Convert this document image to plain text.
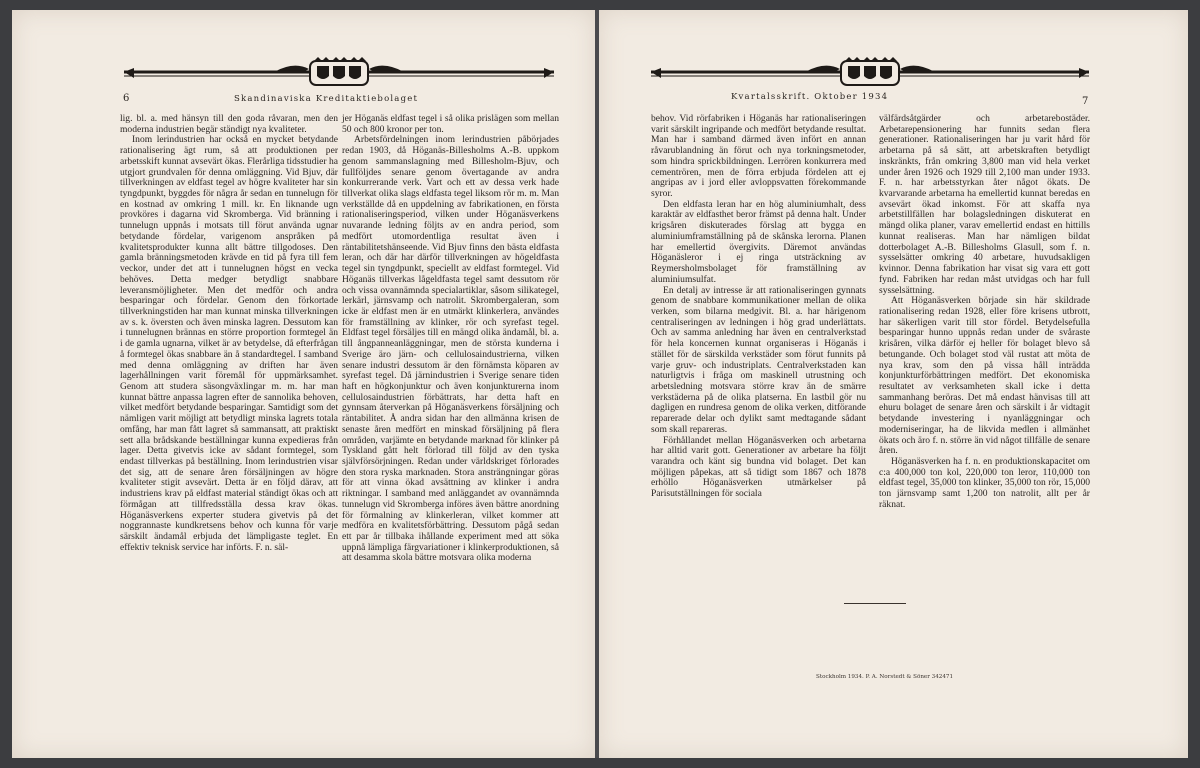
6	Skandinaviska Kreditaktiebolaget

lig. bl. a. med hänsyn till den goda råvaran, men den moderna industrien begär ständigt nya kvaliteter.

Inom lerindustrien har också en mycket betydande rationalisering ägt rum, så att produktionen per arbetsskift kunnat avsevärt ökas. Flerårliga tidsstudier ha utgjort grundvalen för denna omläggning. Vid Bjuv, där tillverkningen av eldfast tegel av högre kvaliteter har sin tyngdpunkt, byggdes för några år sedan en tunnelugn för en kostnad av omkring 1 mill. kr. En liknande ugn provköres i dagarna vid Skromberga. Vid bränning i tunnelugn uppnås i motsats till förut använda ugnar betydande fördelar, varigenom anspråken på kvalitetsprodukter kunna allt bättre tillgodoses. Den gamla bränningsmetoden krävde en tid på fyra till fem veckor, under det att i tunnelugnen högst en vecka behöves. Detta medger betydligt snabbare leveransmöjligheter. Men det medför och andra besparingar och fördelar. Genom den förkortade tillverkningstiden har man kunnat minska tillverkningen av s. k. översten och även minska lagren. Dessutom kan i tunnelugnen brännas en större proportion formtegel än i de gamla ugnarna, vilket är av betydelse, då efterfrågan å formtegel ökas snabbare än å standardtegel. I samband med denna omläggning av driften har även lagerhållningen varit föremål för uppmärksamhet. Genom att studera säsongväxlingar m. m. har man kunnat bättre anpassa lagren efter de sannolika behoven, vilket medfört betydande besparingar. Samtidigt som det nämligen varit möjligt att betydligt minska lagrets totala omfång, har man fått lagret så sammansatt, att praktiskt sett alla brådskande beställningar kunna expedieras från lager. Detta givetvis icke av sådant formtegel, som endast tillverkas på beställning. Inom lerindustrien visar det sig, att de senare åren försäljningen av högre kvaliteter stigit avsevärt. Detta är en följd därav, att industriens krav på eldfast material ständigt ökas och att förmågan att tillfredsställa dessa krav ökas. Höganäsverkens experter studera givetvis på det noggrannaste kundkretsens behov och kunna för varje särskilt ändamål erbjuda det lämpligaste teglet. En effektiv teknisk service har införts. F. n. säl-

jer Höganäs eldfast tegel i så olika prislägen som mellan 50 och 800 kronor per ton.

Arbetsfördelningen inom lerindustrien påbörjades redan 1903, då Höganäs-Billesholms A.-B. uppkom genom sammanslagning med Billesholm-Bjuv, och fullföljdes senare genom övertagande av andra konkurrerande verk. Vart och ett av dessa verk hade tillverkat olika slags eldfasta tegel liksom rör m. m. Man verkställde då en uppdelning av fabrikationen, en första rationaliseringsperiod, vilken under Höganäsverkens nuvarande ledning följts av en andra period, som medfört utomordentliga resultat även i räntabilitetshänseende. Vid Bjuv finns den bästa eldfasta leran, och där har därför tillverkningen av högeldfasta tegel sin tyngdpunkt, speciellt av eldfast formtegel. Vid Höganäs tillverkas lågeldfasta tegel samt dessutom rör och vissa ovannämnda specialartiklar, såsom silikategel, lerkärl, järnsvamp och natrolit. Skrombergaleran, som icke är eldfast men är en utmärkt klinkerlera, användes för framställning av klinker, rör och syrefast tegel. Eldfast tegel försäljes till en mängd olika ändamål, bl. a. till ångpanneanläggningar, men de största kunderna i Sverige äro järn- och cellulosaindustrierna, vilken senare industri dessutom är den förnämsta köparen av syrefast tegel. Då järnindustrien i Sverige senare tiden haft en högkonjunktur och även konjunkturerna inom cellulosaindustrien förbättrats, har detta haft en gynnsam återverkan på Höganäsverkens försäljning och räntabilitet. Å andra sidan har den allmänna krisen de senaste åren medfört en minskad försäljning på flera områden, varjämte en betydande marknad för klinker på Tyskland gått helt förlorad till följd av den tyska självförsörjningen. Redan under världskriget förlorades den stora ryska marknaden. Stora ansträngningar göras för att vinna ökad avsättning av klinker i andra riktningar. I samband med anläggandet av ovannämnda tunnelugn vid Skromberga införes även bättre anordning för förmalning av klinkerleran, vilket kommer att medföra en kvalitetsförbättring. Dessutom pågå sedan ett par år tillbaka ihållande experiment med att söka uppnå lämpliga färgvariationer i klinkerproduktionen, så att desamma skola bättre motsvara olika moderna

Kvartalsskrift. Oktober 1934	7

behov. Vid rörfabriken i Höganäs har rationaliseringen varit särskilt ingripande och medfört betydande resultat. Man har i samband därmed även infört en annan råvarublandning än förut och nya torkningsmetoder, som hindra sprickbildningen. Lerrören konkurrera med cementrören, men de förra erbjuda fördelen att ej angripas av i jord eller avloppsvatten förekommande syror.

Den eldfasta leran har en hög aluminiumhalt, dess karaktär av eldfasthet beror främst på denna halt. Under krigsåren diskuterades förslag att bygga en aluminiumframställning på de skånska lerorna. Planen har emellertid övergivits. Däremot användas Höganäsleror i ej ringa utsträckning av Reymersholmsbolaget för framställning av aluminiumsulfat.

En detalj av intresse är att rationaliseringen gynnats genom de snabbare kommunikationer mellan de olika verken, som bilarna medgivit. Bl. a. har härigenom centraliseringen av ledningen i hög grad underlättats. Och av samma anledning har även en centralverkstad för hela koncernen kunnat organiseras i Höganäs i stället för de särskilda verkstäder som förut funnits på varje gruv- och industriplats. Centralverkstaden kan naturligtvis i fråga om maskinell utrustning och arbetsledning motsvara större krav än de smärre verkstäderna på de olika platserna. En lastbil gör nu dagligen en rundresa genom de olika verken, ditförande reparerade delar och dylikt samt medtagande sådant som skall repareras.

Förhållandet mellan Höganäsverken och arbetarna har alltid varit gott. Generationer av arbetare ha följt varandra och känt sig bundna vid bolaget. Det kan möjligen påpekas, att så tidigt som 1867 och 1878 erhöllo Höganäsverken utmärkelser på Parisutställningen för sociala

välfärdsåtgärder och arbetarebostäder. Arbetarepensionering har funnits sedan flera generationer. Rationaliseringen har ju varit hård för arbetarna på så sätt, att arbetskraften betydligt inskränkts, från omkring 3,800 man vid hela verket under åren 1926 och 1929 till 2,100 man under 1933. F. n. har arbetsstyrkan åter något ökats. De kvarvarande arbetarna ha emellertid kunnat beredas en avsevärt ökad inkomst. För att skaffa nya arbetstillfällen har bolagsledningen diskuterat en mängd olika planer, varav emellertid endast en hittills kunnat realiseras. Man har nämligen bildat dotterbolaget A.-B. Billesholms Glasull, som f. n. sysselsätter omkring 40 arbetare, huvudsakligen kvinnor. Denna fabrikation har visat sig vara ett gott fynd. Fabriken har redan måst utvidgas och har full sysselsättning.

Att Höganäsverken började sin här skildrade rationalisering redan 1928, eller före krisens utbrott, har säkerligen varit till stor fördel. Betydelsefulla besparingar hunno uppnås redan under de svåraste krisåren, vilka därför ej heller för bolaget blevo så betungande. Och bolaget stod väl rustat att möta de nya krav, som den på vissa håll inträdda konjunkturförbättringen medfört. Det ekonomiska resultatet av verksamheten skall icke i detta sammanhang beröras. Det må endast hänvisas till att ehuru bolaget de senare åren och särskilt i år vidtagit betydande investering i nyanläggningar och moderniseringar, ha de likvida medlen i allmänhet ökats och äro f. n. större än vid något tillfälle de senare åren.

Höganäsverken ha f. n. en produktionskapacitet om c:a 400,000 ton kol, 220,000 ton leror, 110,000 ton eldfast tegel, 35,000 ton klinker, 35,000 ton rör, 15,000 ton järnsvamp samt 1,200 ton natrolit, allt per år räknat.

Stockholm 1934. P. A. Norstedt & Söner 342471
